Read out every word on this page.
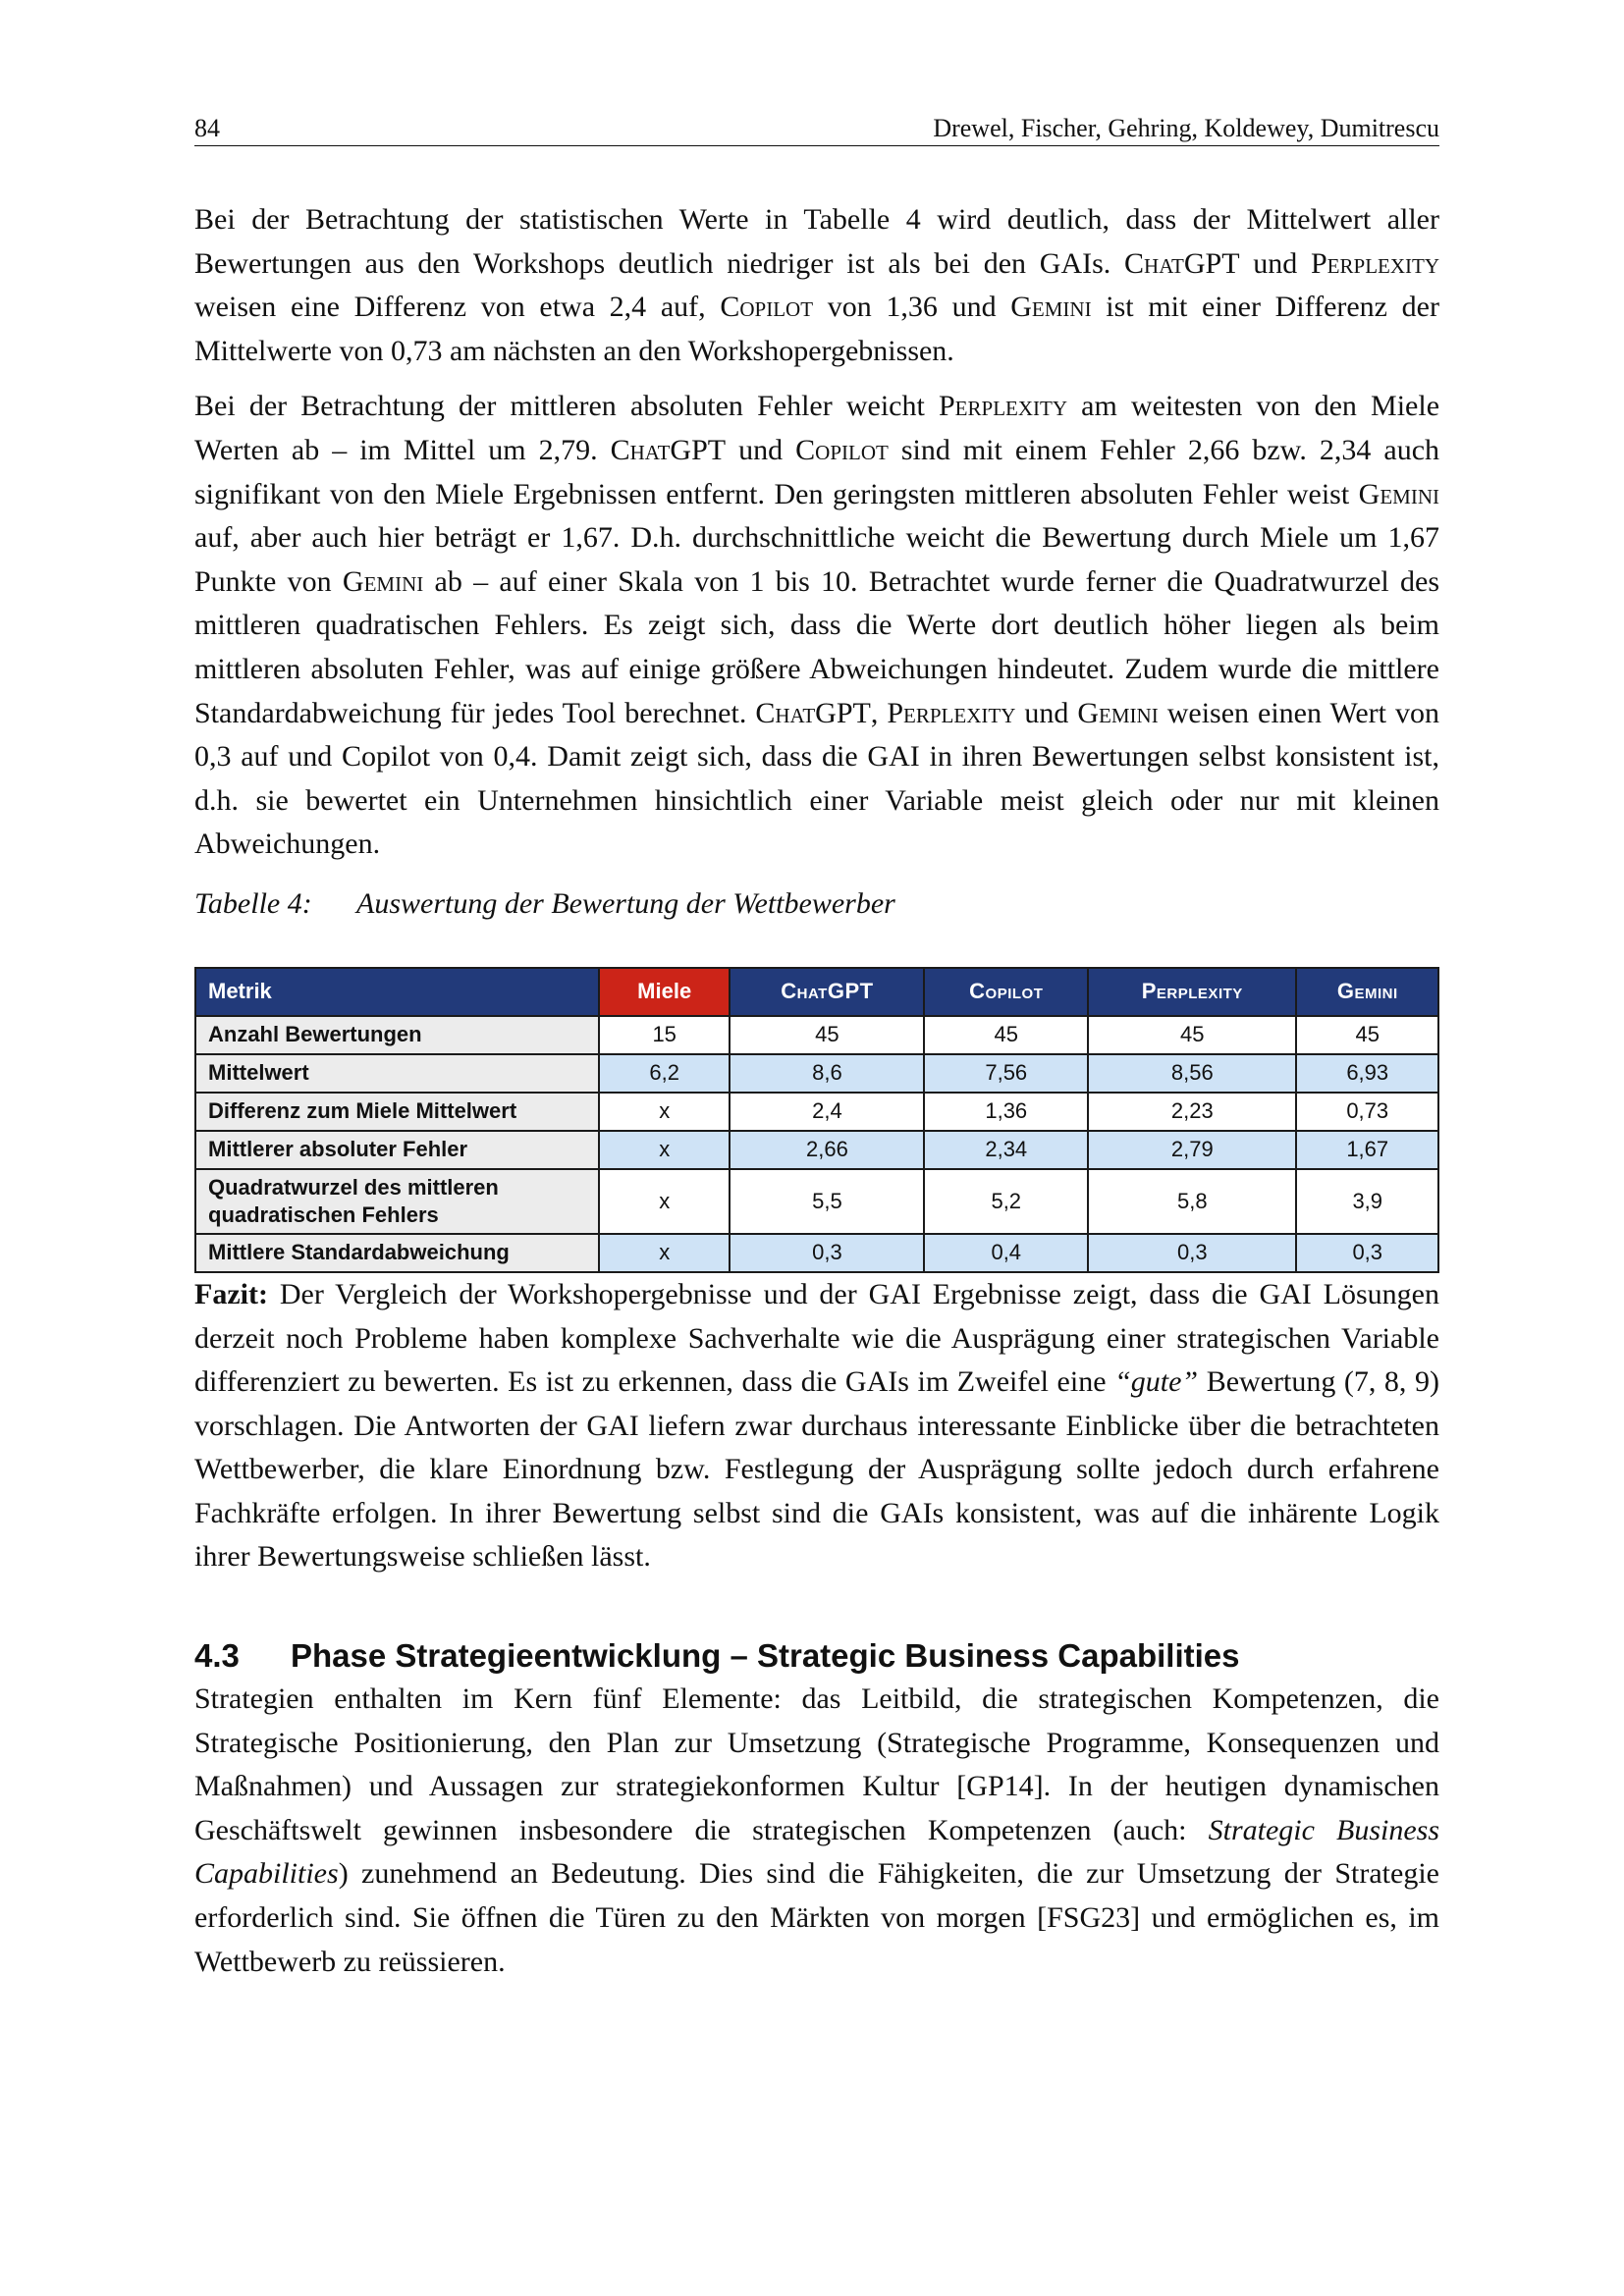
84	Drewel, Fischer, Gehring, Koldewey, Dumitrescu

Bei der Betrachtung der statistischen Werte in Tabelle 4 wird deutlich, dass der Mittelwert aller Bewertungen aus den Workshops deutlich niedriger ist als bei den GAIs. ChatGPT und Perplexity weisen eine Differenz von etwa 2,4 auf, Copilot von 1,36 und Gemini ist mit einer Differenz der Mittelwerte von 0,73 am nächsten an den Workshopergebnissen.

Bei der Betrachtung der mittleren absoluten Fehler weicht Perplexity am weitesten von den Miele Werten ab – im Mittel um 2,79. ChatGPT und Copilot sind mit einem Fehler 2,66 bzw. 2,34 auch signifikant von den Miele Ergebnissen entfernt. Den geringsten mittleren absoluten Fehler weist Gemini auf, aber auch hier beträgt er 1,67. D.h. durchschnittliche weicht die Bewertung durch Miele um 1,67 Punkte von Gemini ab – auf einer Skala von 1 bis 10. Betrachtet wurde ferner die Quadratwurzel des mittleren quadratischen Fehlers. Es zeigt sich, dass die Werte dort deutlich höher liegen als beim mittleren absoluten Fehler, was auf einige größere Abweichungen hindeutet. Zudem wurde die mittlere Standardabweichung für jedes Tool berechnet. ChatGPT, Perplexity und Gemini weisen einen Wert von 0,3 auf und Copilot von 0,4. Damit zeigt sich, dass die GAI in ihren Bewertungen selbst konsistent ist, d.h. sie bewertet ein Unternehmen hinsichtlich einer Variable meist gleich oder nur mit kleinen Abweichungen.

Tabelle 4: Auswertung der Bewertung der Wettbewerber
Metrik	Miele	ChatGPT	Copilot	Perplexity	Gemini
Anzahl Bewertungen	15	45	45	45	45
Mittelwert	6,2	8,6	7,56	8,56	6,93
Differenz zum Miele Mittelwert	x	2,4	1,36	2,23	0,73
Mittlerer absoluter Fehler	x	2,66	2,34	2,79	1,67
Quadratwurzel des mittleren
quadratischen Fehlers	x	5,5	5,2	5,8	3,9
Mittlere Standardabweichung	x	0,3	0,4	0,3	0,3

Fazit: Der Vergleich der Workshopergebnisse und der GAI Ergebnisse zeigt, dass die GAI Lösungen derzeit noch Probleme haben komplexe Sachverhalte wie die Ausprägung einer strategischen Variable differenziert zu bewerten. Es ist zu erkennen, dass die GAIs im Zweifel eine “gute” Bewertung (7, 8, 9) vorschlagen. Die Antworten der GAI liefern zwar durchaus interessante Einblicke über die betrachteten Wettbewerber, die klare Einordnung bzw. Festlegung der Ausprägung sollte jedoch durch erfahrene Fachkräfte erfolgen. In ihrer Bewertung selbst sind die GAIs konsistent, was auf die inhärente Logik ihrer Bewertungsweise schließen lässt.

4.3 Phase Strategieentwicklung – Strategic Business Capabilities

Strategien enthalten im Kern fünf Elemente: das Leitbild, die strategischen Kompetenzen, die Strategische Positionierung, den Plan zur Umsetzung (Strategische Programme, Konsequenzen und Maßnahmen) und Aussagen zur strategiekonformen Kultur [GP14]. In der heutigen dynamischen Geschäftswelt gewinnen insbesondere die strategischen Kompetenzen (auch: Strategic Business Capabilities) zunehmend an Bedeutung. Dies sind die Fähigkeiten, die zur Umsetzung der Strategie erforderlich sind. Sie öffnen die Türen zu den Märkten von morgen [FSG23] und ermöglichen es, im Wettbewerb zu reüssieren.
